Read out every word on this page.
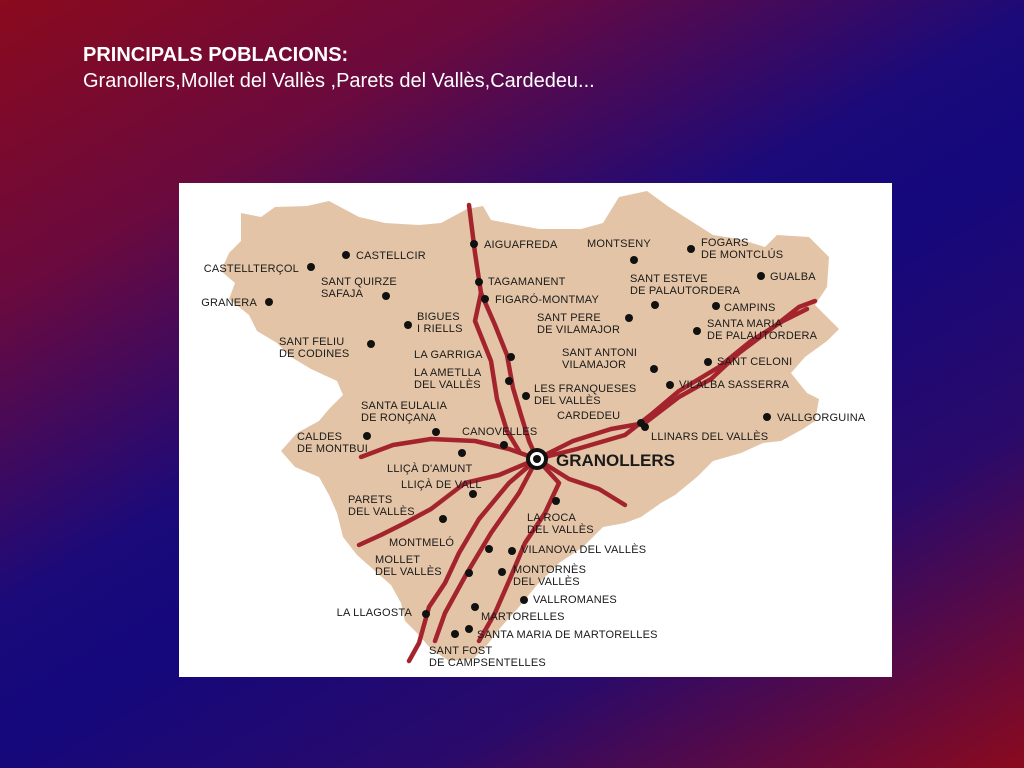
PRINCIPALS POBLACIONS:
Granollers,Mollet del Vallès ,Parets del Vallès,Cardedeu...
CASTELLCIR
AIGUAFREDA	MONTSENY	FOGARS DE MONTCLÚS
CASTELLTERÇOL
SANT QUIRZE SAFAJA
GRANERA
TAGAMANENT
FIGARÓ-MONTMAY
SANT ESTEVE DE PALAUTORDERA
GUALBA
CAMPINS
BIGUES I RIELLS
SANT PERE DE VILAMAJOR	SANTA MARIA DE PALAUTORDERA
SANT FELIU DE CODINES	LA GARRIGA	SANT ANTONI VILAMAJOR	SANT CELONI
LA AMETLLA DEL VALLÈS	LES FRANQUESES DEL VALLÈS
VILALBA SASSERRA
SANTA EULALIA DE RONÇANA	CARDEDEU	VALLGORGUINA
LLINARS DEL VALLÈS
CALDES DE MONTBUI
CANOVELLES
LLIÇÀ D'AMUNT
LLIÇÀ DE VALL
PARETS DEL VALLÈS	LA ROCA DEL VALLÈS
MONTMELÓ
VILANOVA DEL VALLÈS
MOLLET DEL VALLÈS	MONTORNÈS DEL VALLÈS
VALLROMANES
LA LLAGOSTA	MARTORELLES
SANTA MARIA DE MARTORELLES
SANT FOST DE CAMPSENTELLES
GRANOLLERS
